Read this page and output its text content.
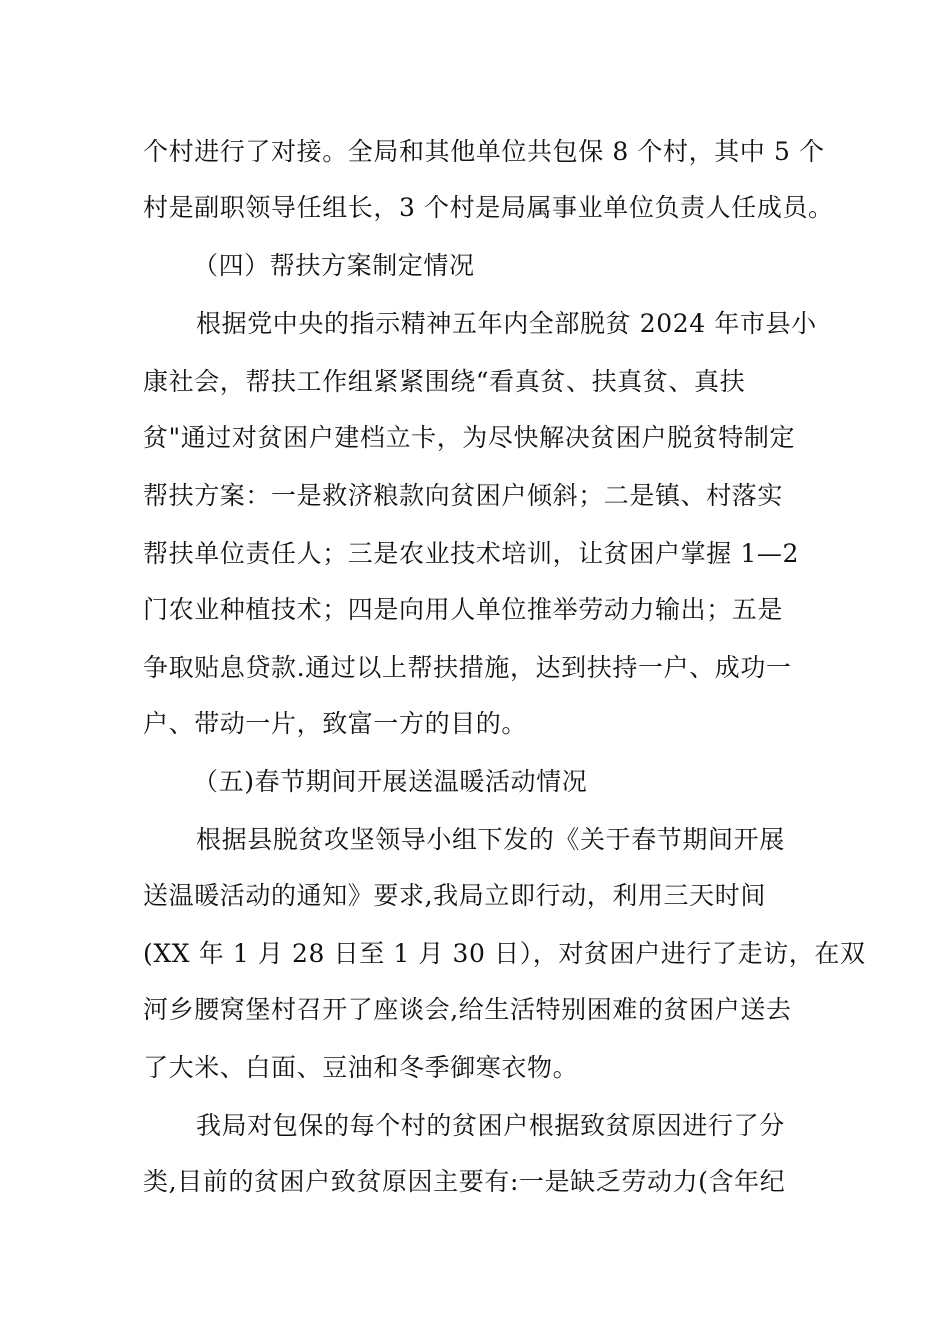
个村进行了对接。全局和其他单位共包保 8 个村，其中 5 个
村是副职领导任组长，3 个村是局属事业单位负责人任成员。
（四）帮扶方案制定情况
根据党中央的指示精神五年内全部脱贫 2024 年市县小
康社会，帮扶工作组紧紧围绕“看真贫、扶真贫、真扶
贫"通过对贫困户建档立卡，为尽快解决贫困户脱贫特制定
帮扶方案：一是救济粮款向贫困户倾斜；二是镇、村落实
帮扶单位责任人；三是农业技术培训，让贫困户掌握 1—2
门农业种植技术；四是向用人单位推举劳动力输出；五是
争取贴息贷款.通过以上帮扶措施，达到扶持一户、成功一
户、带动一片，致富一方的目的。
（五)春节期间开展送温暖活动情况
根据县脱贫攻坚领导小组下发的《关于春节期间开展
送温暖活动的通知》要求,我局立即行动，利用三天时间
(XX 年 1 月 28 日至 1 月 30 日），对贫困户进行了走访，在双
河乡腰窝堡村召开了座谈会,给生活特别困难的贫困户送去
了大米、白面、豆油和冬季御寒衣物。
我局对包保的每个村的贫困户根据致贫原因进行了分
类,目前的贫困户致贫原因主要有:一是缺乏劳动力(含年纪
